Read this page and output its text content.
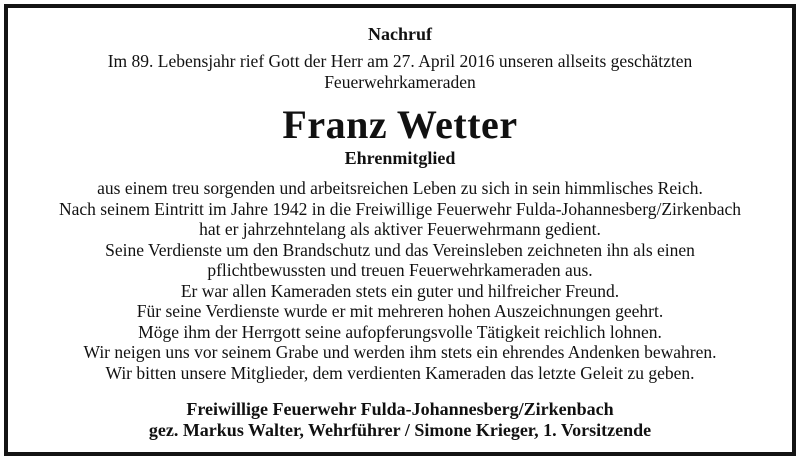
Nachruf
Im 89. Lebensjahr rief Gott der Herr am 27. April 2016 unseren allseits geschätzten
Feuerwehrkameraden
Franz Wetter
Ehrenmitglied
aus einem treu sorgenden und arbeitsreichen Leben zu sich in sein himmlisches Reich.
Nach seinem Eintritt im Jahre 1942 in die Freiwillige Feuerwehr Fulda-Johannesberg/Zirkenbach
hat er jahrzehntelang als aktiver Feuerwehrmann gedient.
Seine Verdienste um den Brandschutz und das Vereinsleben zeichneten ihn als einen
pflichtbewussten und treuen Feuerwehrkameraden aus.
Er war allen Kameraden stets ein guter und hilfreicher Freund.
Für seine Verdienste wurde er mit mehreren hohen Auszeichnungen geehrt.
Möge ihm der Herrgott seine aufopferungsvolle Tätigkeit reichlich lohnen.
Wir neigen uns vor seinem Grabe und werden ihm stets ein ehrendes Andenken bewahren.
Wir bitten unsere Mitglieder, dem verdienten Kameraden das letzte Geleit zu geben.
Freiwillige Feuerwehr Fulda-Johannesberg/Zirkenbach
gez. Markus Walter, Wehrführer / Simone Krieger, 1. Vorsitzende
